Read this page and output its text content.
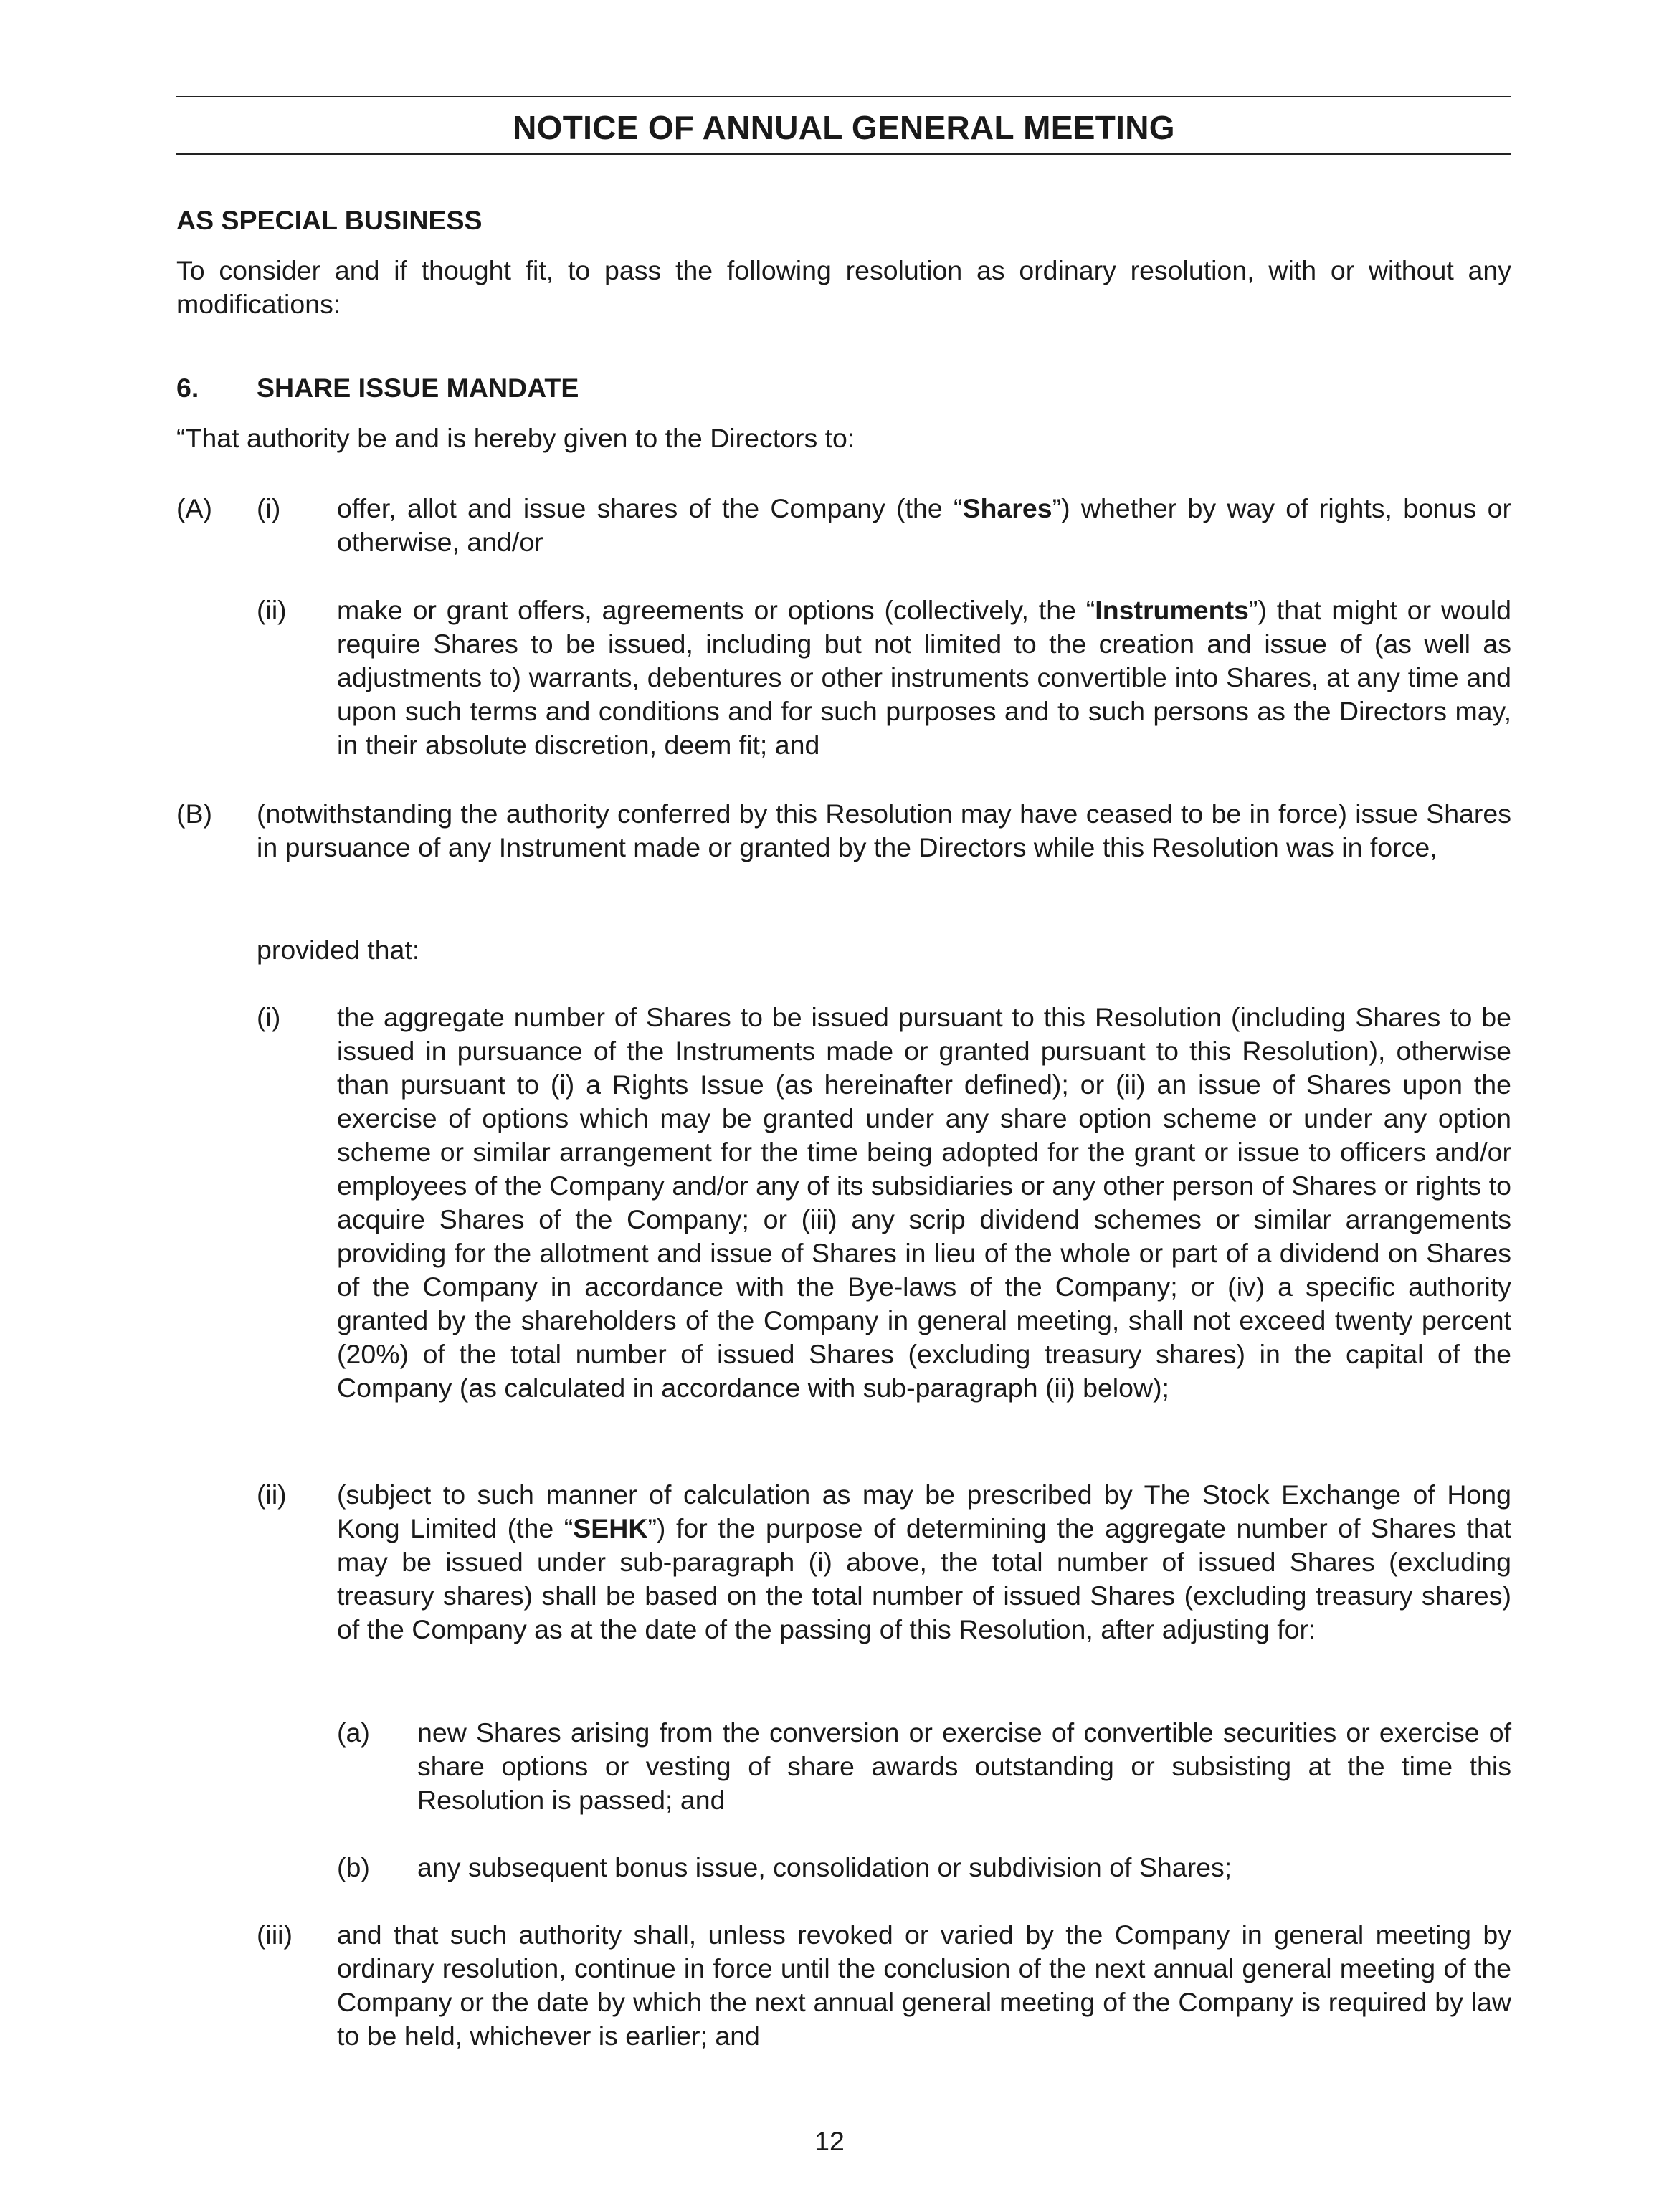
NOTICE OF ANNUAL GENERAL MEETING
AS SPECIAL BUSINESS
To consider and if thought fit, to pass the following resolution as ordinary resolution, with or without any modifications:
6. SHARE ISSUE MANDATE
“That authority be and is hereby given to the Directors to:
(A) (i) offer, allot and issue shares of the Company (the “Shares”) whether by way of rights, bonus or otherwise, and/or
(ii) make or grant offers, agreements or options (collectively, the “Instruments”) that might or would require Shares to be issued, including but not limited to the creation and issue of (as well as adjustments to) warrants, debentures or other instruments convertible into Shares, at any time and upon such terms and conditions and for such purposes and to such persons as the Directors may, in their absolute discretion, deem fit; and
(B) (notwithstanding the authority conferred by this Resolution may have ceased to be in force) issue Shares in pursuance of any Instrument made or granted by the Directors while this Resolution was in force,
provided that:
(i) the aggregate number of Shares to be issued pursuant to this Resolution (including Shares to be issued in pursuance of the Instruments made or granted pursuant to this Resolution), otherwise than pursuant to (i) a Rights Issue (as hereinafter defined); or (ii) an issue of Shares upon the exercise of options which may be granted under any share option scheme or under any option scheme or similar arrangement for the time being adopted for the grant or issue to officers and/or employees of the Company and/or any of its subsidiaries or any other person of Shares or rights to acquire Shares of the Company; or (iii) any scrip dividend schemes or similar arrangements providing for the allotment and issue of Shares in lieu of the whole or part of a dividend on Shares of the Company in accordance with the Bye-laws of the Company; or (iv) a specific authority granted by the shareholders of the Company in general meeting, shall not exceed twenty percent (20%) of the total number of issued Shares (excluding treasury shares) in the capital of the Company (as calculated in accordance with sub-paragraph (ii) below);
(ii) (subject to such manner of calculation as may be prescribed by The Stock Exchange of Hong Kong Limited (the “SEHK”) for the purpose of determining the aggregate number of Shares that may be issued under sub-paragraph (i) above, the total number of issued Shares (excluding treasury shares) shall be based on the total number of issued Shares (excluding treasury shares) of the Company as at the date of the passing of this Resolution, after adjusting for:
(a) new Shares arising from the conversion or exercise of convertible securities or exercise of share options or vesting of share awards outstanding or subsisting at the time this Resolution is passed; and
(b) any subsequent bonus issue, consolidation or subdivision of Shares;
(iii) and that such authority shall, unless revoked or varied by the Company in general meeting by ordinary resolution, continue in force until the conclusion of the next annual general meeting of the Company or the date by which the next annual general meeting of the Company is required by law to be held, whichever is earlier; and
12
